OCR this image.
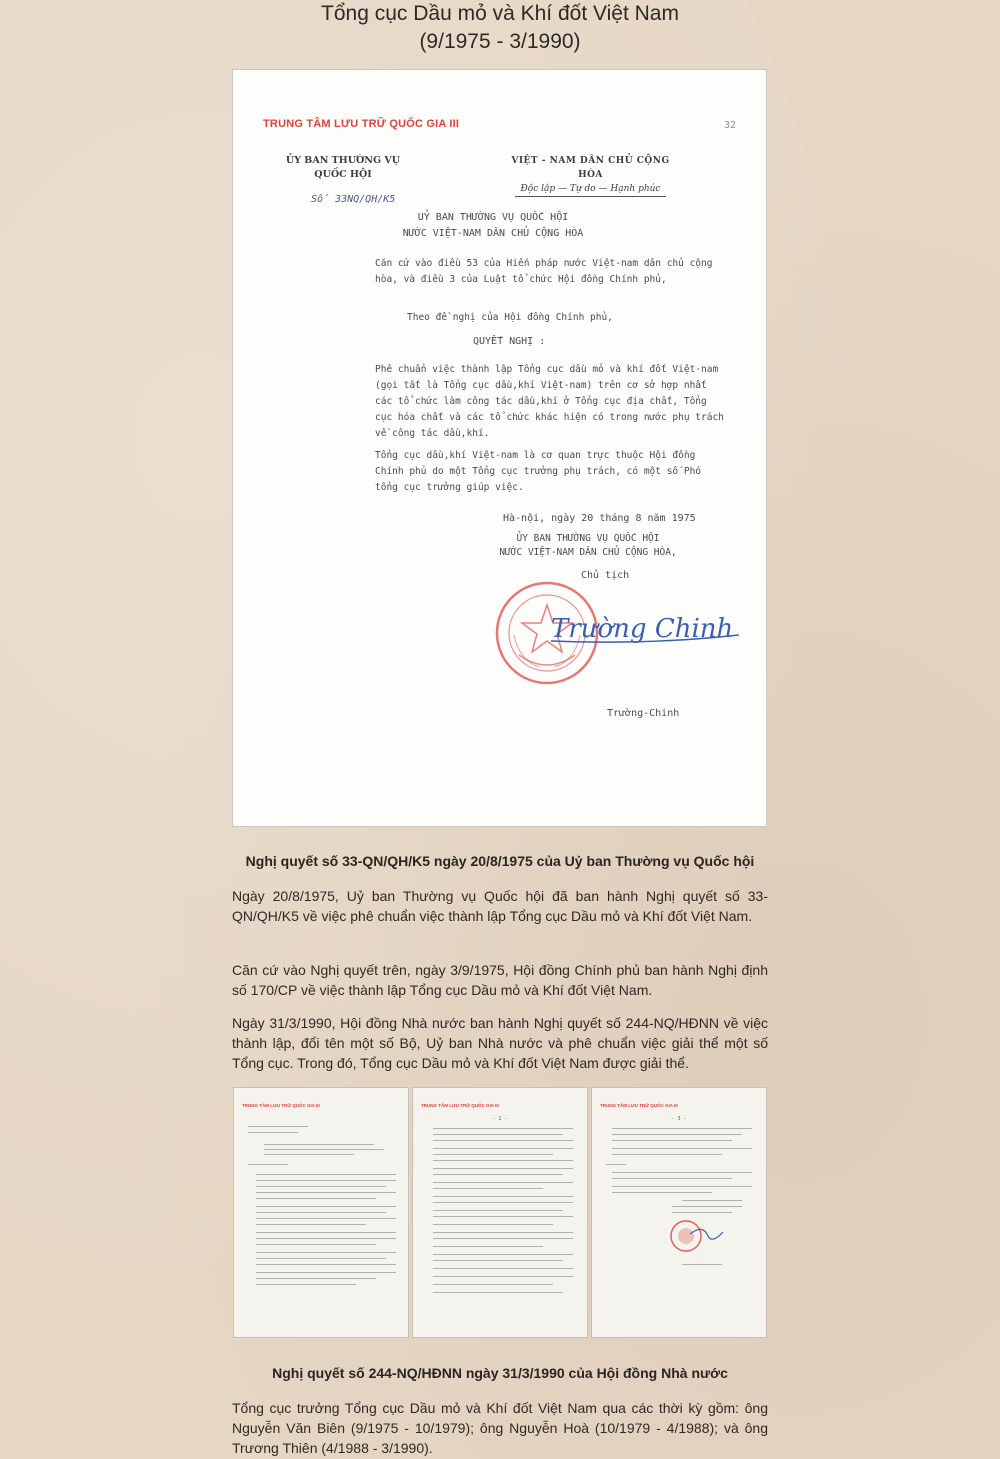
Tổng cục Dầu mỏ và Khí đốt Việt Nam
(9/1975 - 3/1990)
TRUNG TÂM LƯU TRỮ QUỐC GIA III	32
ỦY BAN THƯỜNG VỤ
QUỐC HỘI
VIỆT - NAM DÂN CHỦ CỘNG HÒA
Độc lập — Tự do — Hạnh phúc
Số 33NQ/QH/K5
UỶ BAN THƯỜNG VỤ QUỐC HỘI
NƯỚC VIỆT-NAM DÂN CHỦ CỘNG HÒA
Căn cứ vào điều 53 của Hiến pháp nước Việt-nam dân chủ cộng hòa, và điều 3 của Luật tổ chức Hội đồng Chính phủ,
Theo đề nghị của Hội đồng Chính phủ,
QUYẾT NGHỊ :
Phê chuẩn việc thành lập Tổng cục dầu mỏ và khí đốt Việt-nam (gọi tắt là Tổng cục dầu,khí Việt-nam) trên cơ sở hợp nhất các tổ chức làm công tác dầu,khí ở Tổng cục địa chất, Tổng cục hóa chất và các tổ chức khác hiện có trong nước phụ trách về công tác dầu,khí.
Tổng cục dầu,khí Việt-nam là cơ quan trực thuộc Hội đồng Chính phủ do một Tổng cục trưởng phụ trách, có một số Phó tổng cục trưởng giúp việc.
Hà-nội, ngày 20 tháng 8 năm 1975
ỦY BAN THƯỜNG VỤ QUỐC HỘI
NƯỚC VIỆT-NAM DÂN CHỦ CỘNG HÒA,
Chủ tịch
Trường Chinh
Trường-Chinh
Nghị quyết số 33-QN/QH/K5 ngày 20/8/1975 của Uỷ ban Thường vụ Quốc hội

Ngày 20/8/1975, Uỷ ban Thường vụ Quốc hội đã ban hành Nghị quyết số 33-QN/QH/K5 về việc phê chuẩn việc thành lập Tổng cục Dầu mỏ và Khí đốt Việt Nam.

Căn cứ vào Nghị quyết trên, ngày 3/9/1975, Hội đồng Chính phủ ban hành Nghị định số 170/CP về việc thành lập Tổng cục Dầu mỏ và Khí đốt Việt Nam.

Ngày 31/3/1990, Hội đồng Nhà nước ban hành Nghị quyết số 244-NQ/HĐNN về việc thành lập, đổi tên một số Bộ, Uỷ ban Nhà nước và phê chuẩn việc giải thể một số Tổng cục. Trong đó, Tổng cục Dầu mỏ và Khí đốt Việt Nam được giải thể.

TRUNG TÂM LƯU TRỮ QUỐC GIA III	TRUNG TÂM LƯU TRỮ QUỐC GIA III
- 2 -
TRUNG TÂM LƯU TRỮ QUỐC GIA III
- 3 -
Nghị quyết số 244-NQ/HĐNN ngày 31/3/1990 của Hội đồng Nhà nước

Tổng cục trưởng Tổng cục Dầu mỏ và Khí đốt Việt Nam qua các thời kỳ gồm: ông Nguyễn Văn Biên (9/1975 - 10/1979); ông Nguyễn Hoà (10/1979 - 4/1988); và ông Trương Thiên (4/1988 - 3/1990).
